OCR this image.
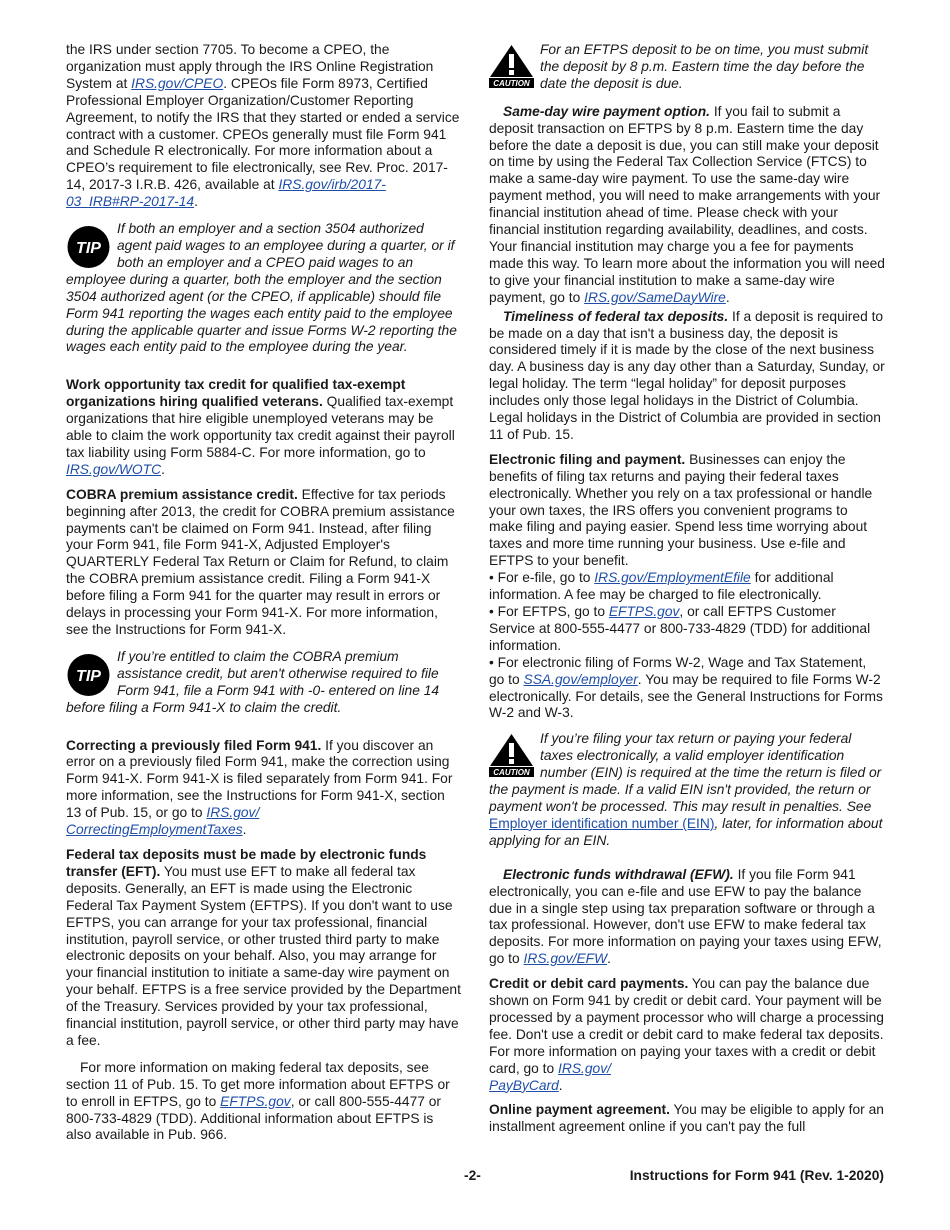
the IRS under section 7705. To become a CPEO, the organization must apply through the IRS Online Registration System at IRS.gov/CPEO. CPEOs file Form 8973, Certified Professional Employer Organization/Customer Reporting Agreement, to notify the IRS that they started or ended a service contract with a customer. CPEOs generally must file Form 941 and Schedule R electronically. For more information about a CPEO’s requirement to file electronically, see Rev. Proc. 2017-14, 2017-3 I.R.B. 426, available at IRS.gov/irb/2017-03_IRB#RP-2017-14.

TIP
If both an employer and a section 3504 authorized agent paid wages to an employee during a quarter, or if both an employer and a CPEO paid wages to an employee during a quarter, both the employer and the section 3504 authorized agent (or the CPEO, if applicable) should file Form 941 reporting the wages each entity paid to the employee during the applicable quarter and issue Forms W-2 reporting the wages each entity paid to the employee during the year.

Work opportunity tax credit for qualified tax-exempt organizations hiring qualified veterans. Qualified tax-exempt organizations that hire eligible unemployed veterans may be able to claim the work opportunity tax credit against their payroll tax liability using Form 5884-C. For more information, go to IRS.gov/WOTC.

COBRA premium assistance credit. Effective for tax periods beginning after 2013, the credit for COBRA premium assistance payments can't be claimed on Form 941. Instead, after filing your Form 941, file Form 941-X, Adjusted Employer's QUARTERLY Federal Tax Return or Claim for Refund, to claim the COBRA premium assistance credit. Filing a Form 941-X before filing a Form 941 for the quarter may result in errors or delays in processing your Form 941-X. For more information, see the Instructions for Form 941-X.

TIP
If you’re entitled to claim the COBRA premium assistance credit, but aren't otherwise required to file Form 941, file a Form 941 with -0- entered on line 14 before filing a Form 941-X to claim the credit.

Correcting a previously filed Form 941. If you discover an error on a previously filed Form 941, make the correction using Form 941-X. Form 941-X is filed separately from Form 941. For more information, see the Instructions for Form 941-X, section 13 of Pub. 15, or go to IRS.gov/
CorrectingEmploymentTaxes.

Federal tax deposits must be made by electronic funds transfer (EFT). You must use EFT to make all federal tax deposits. Generally, an EFT is made using the Electronic Federal Tax Payment System (EFTPS). If you don't want to use EFTPS, you can arrange for your tax professional, financial institution, payroll service, or other trusted third party to make electronic deposits on your behalf. Also, you may arrange for your financial institution to initiate a same-day wire payment on your behalf. EFTPS is a free service provided by the Department of the Treasury. Services provided by your tax professional, financial institution, payroll service, or other third party may have a fee.

For more information on making federal tax deposits, see section 11 of Pub. 15. To get more information about EFTPS or to enroll in EFTPS, go to EFTPS.gov, or call 800-555-4477 or 800-733-4829 (TDD). Additional information about EFTPS is also available in Pub. 966.

CAUTION
For an EFTPS deposit to be on time, you must submit the deposit by 8 p.m. Eastern time the day before the date the deposit is due.

Same-day wire payment option. If you fail to submit a deposit transaction on EFTPS by 8 p.m. Eastern time the day before the date a deposit is due, you can still make your deposit on time by using the Federal Tax Collection Service (FTCS) to make a same-day wire payment. To use the same-day wire payment method, you will need to make arrangements with your financial institution ahead of time. Please check with your financial institution regarding availability, deadlines, and costs. Your financial institution may charge you a fee for payments made this way. To learn more about the information you will need to give your financial institution to make a same-day wire payment, go to IRS.gov/SameDayWire.

Timeliness of federal tax deposits. If a deposit is required to be made on a day that isn't a business day, the deposit is considered timely if it is made by the close of the next business day. A business day is any day other than a Saturday, Sunday, or legal holiday. The term “legal holiday” for deposit purposes includes only those legal holidays in the District of Columbia. Legal holidays in the District of Columbia are provided in section 11 of Pub. 15.

Electronic filing and payment. Businesses can enjoy the benefits of filing tax returns and paying their federal taxes electronically. Whether you rely on a tax professional or handle your own taxes, the IRS offers you convenient programs to make filing and paying easier. Spend less time worrying about taxes and more time running your business. Use e-file and EFTPS to your benefit.

• For e-file, go to IRS.gov/EmploymentEfile for additional information. A fee may be charged to file electronically.

• For EFTPS, go to EFTPS.gov, or call EFTPS Customer Service at 800-555-4477 or 800-733-4829 (TDD) for additional information.

• For electronic filing of Forms W-2, Wage and Tax Statement, go to SSA.gov/employer. You may be required to file Forms W-2 electronically. For details, see the General Instructions for Forms W-2 and W-3.

CAUTION
If you’re filing your tax return or paying your federal taxes electronically, a valid employer identification number (EIN) is required at the time the return is filed or the payment is made. If a valid EIN isn't provided, the return or payment won't be processed. This may result in penalties. See Employer identification number (EIN), later, for information about applying for an EIN.

Electronic funds withdrawal (EFW). If you file Form 941 electronically, you can e-file and use EFW to pay the balance due in a single step using tax preparation software or through a tax professional. However, don't use EFW to make federal tax deposits. For more information on paying your taxes using EFW, go to IRS.gov/EFW.

Credit or debit card payments. You can pay the balance due shown on Form 941 by credit or debit card. Your payment will be processed by a payment processor who will charge a processing fee. Don't use a credit or debit card to make federal tax deposits. For more information on paying your taxes with a credit or debit card, go to IRS.gov/
PayByCard.

Online payment agreement. You may be eligible to apply for an installment agreement online if you can't pay the full

-2-	Instructions for Form 941 (Rev. 1-2020)
